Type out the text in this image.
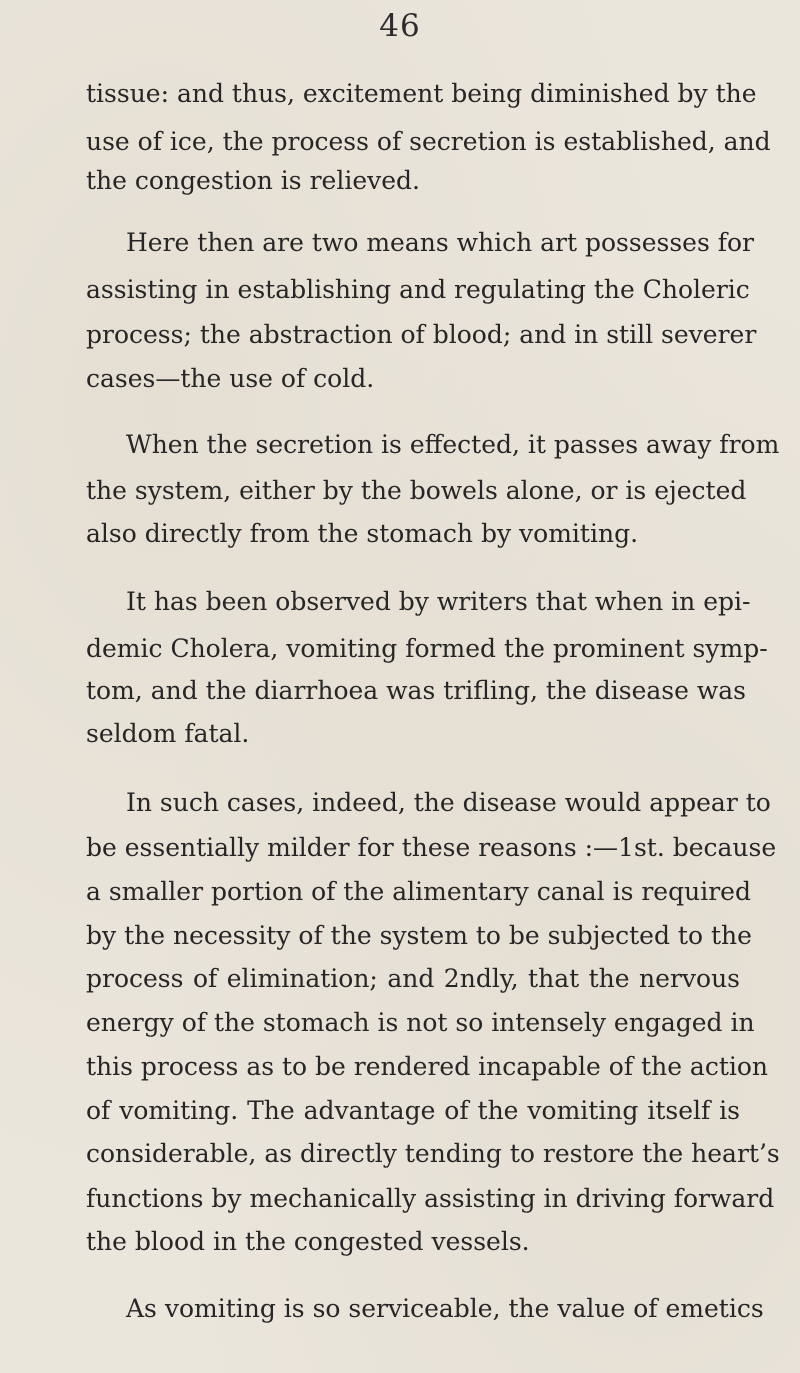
46
tissue: and thus, excitement being diminished by the
use of ice, the process of secretion is established, and
the congestion is relieved.
Here then are two means which art possesses for
assisting in establishing and regulating the Choleric
process; the abstraction of blood; and in still severer
cases—the use of cold.
When the secretion is effected, it passes away from
the system, either by the bowels alone, or is ejected
also directly from the stomach by vomiting.
It has been observed by writers that when in epi-
demic Cholera, vomiting formed the prominent symp-
tom, and the diarrhoea was trifling, the disease was
seldom fatal.
In such cases, indeed, the disease would appear to
be essentially milder for these reasons :—1st. because
a smaller portion of the alimentary canal is required
by the necessity of the system to be subjected to the
process of elimination; and 2ndly, that the nervous
energy of the stomach is not so intensely engaged in
this process as to be rendered incapable of the action
of vomiting. The advantage of the vomiting itself is
considerable, as directly tending to restore the heart’s
functions by mechanically assisting in driving forward
the blood in the congested vessels.
As vomiting is so serviceable, the value of emetics
